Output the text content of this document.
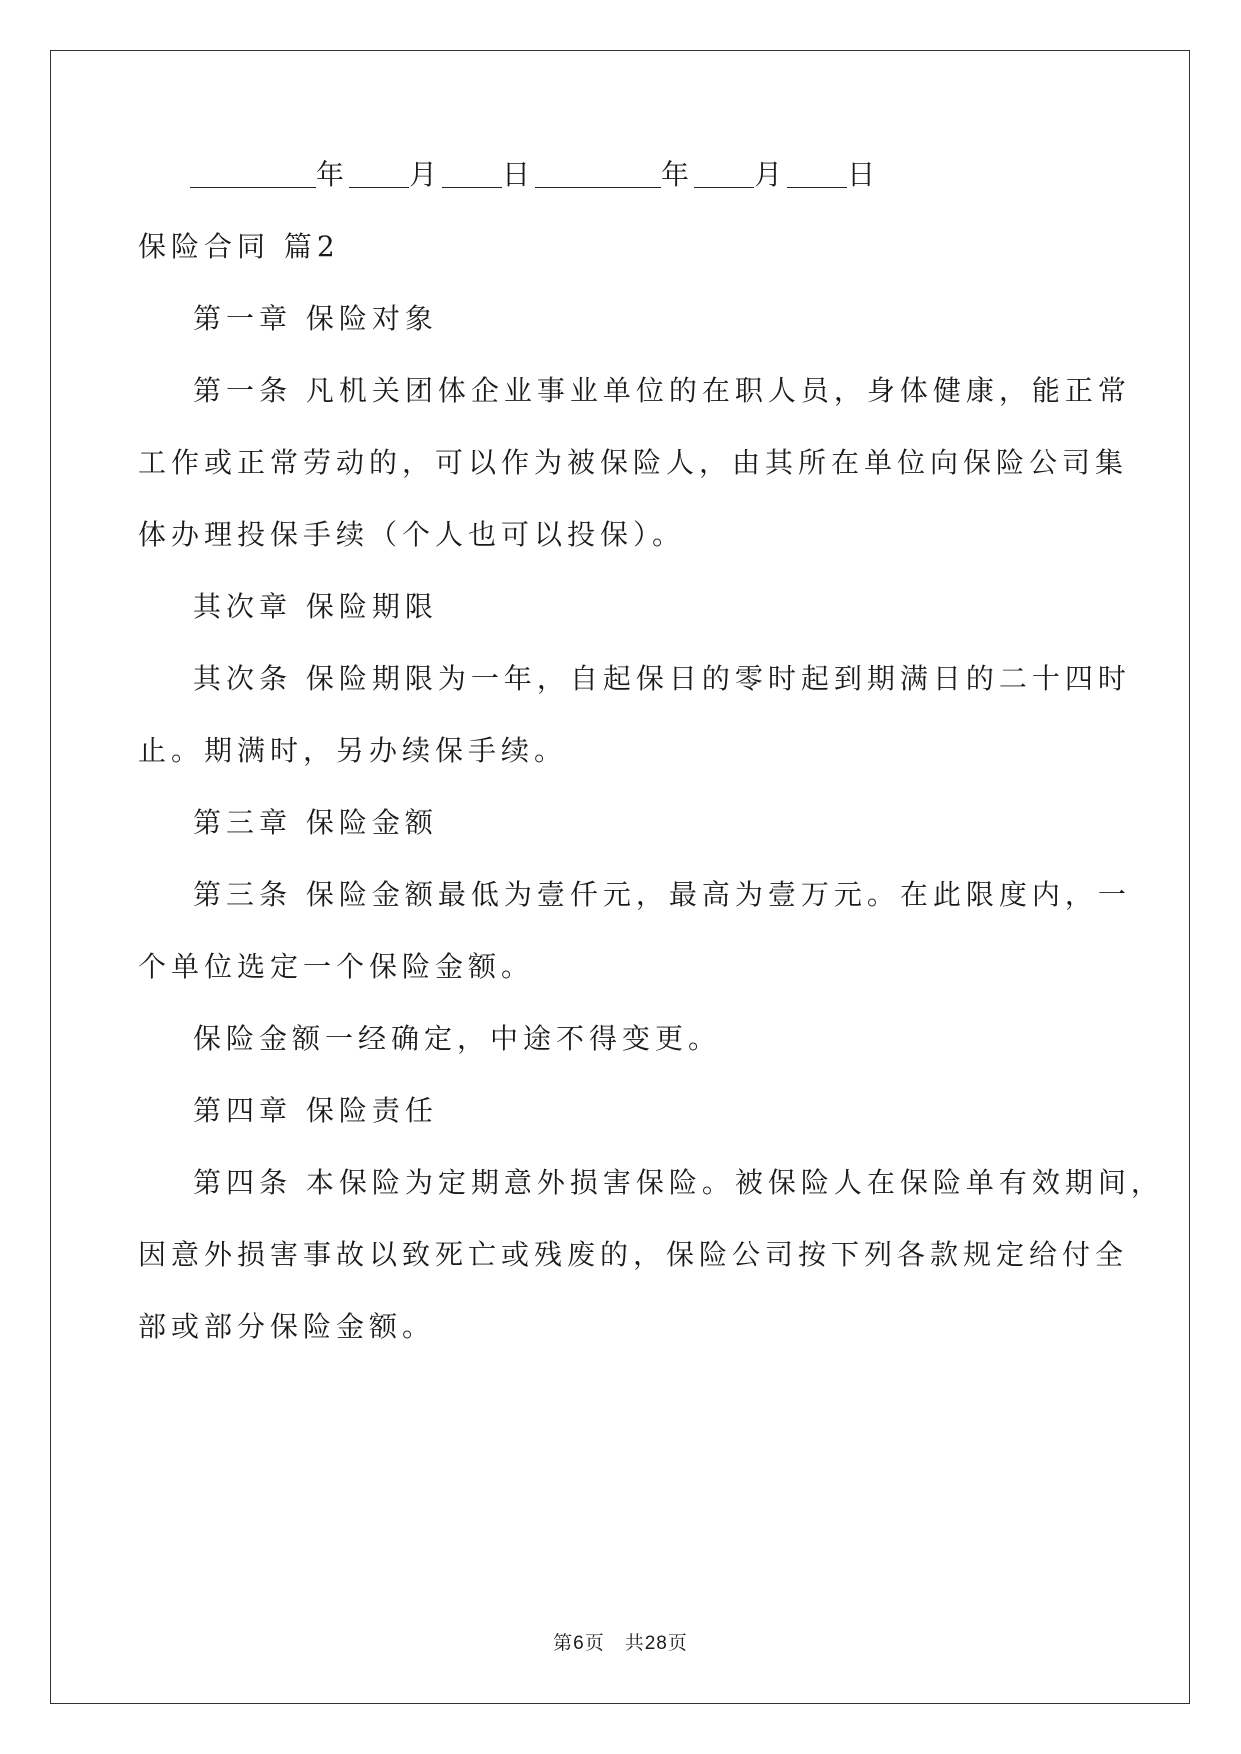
年 月 日	年 月 日
保险合同 篇2
第一章 保险对象
第一条 凡机关团体企业事业单位的在职人员，身体健康，能正常
工作或正常劳动的，可以作为被保险人，由其所在单位向保险公司集
体办理投保手续（个人也可以投保）。
其次章 保险期限
其次条 保险期限为一年，自起保日的零时起到期满日的二十四时
止。期满时，另办续保手续。
第三章 保险金额
第三条 保险金额最低为壹仟元，最高为壹万元。在此限度内，一
个单位选定一个保险金额。
保险金额一经确定，中途不得变更。
第四章 保险责任
第四条 本保险为定期意外损害保险。被保险人在保险单有效期间，
因意外损害事故以致死亡或残废的，保险公司按下列各款规定给付全
部或部分保险金额。
第6页　共28页
